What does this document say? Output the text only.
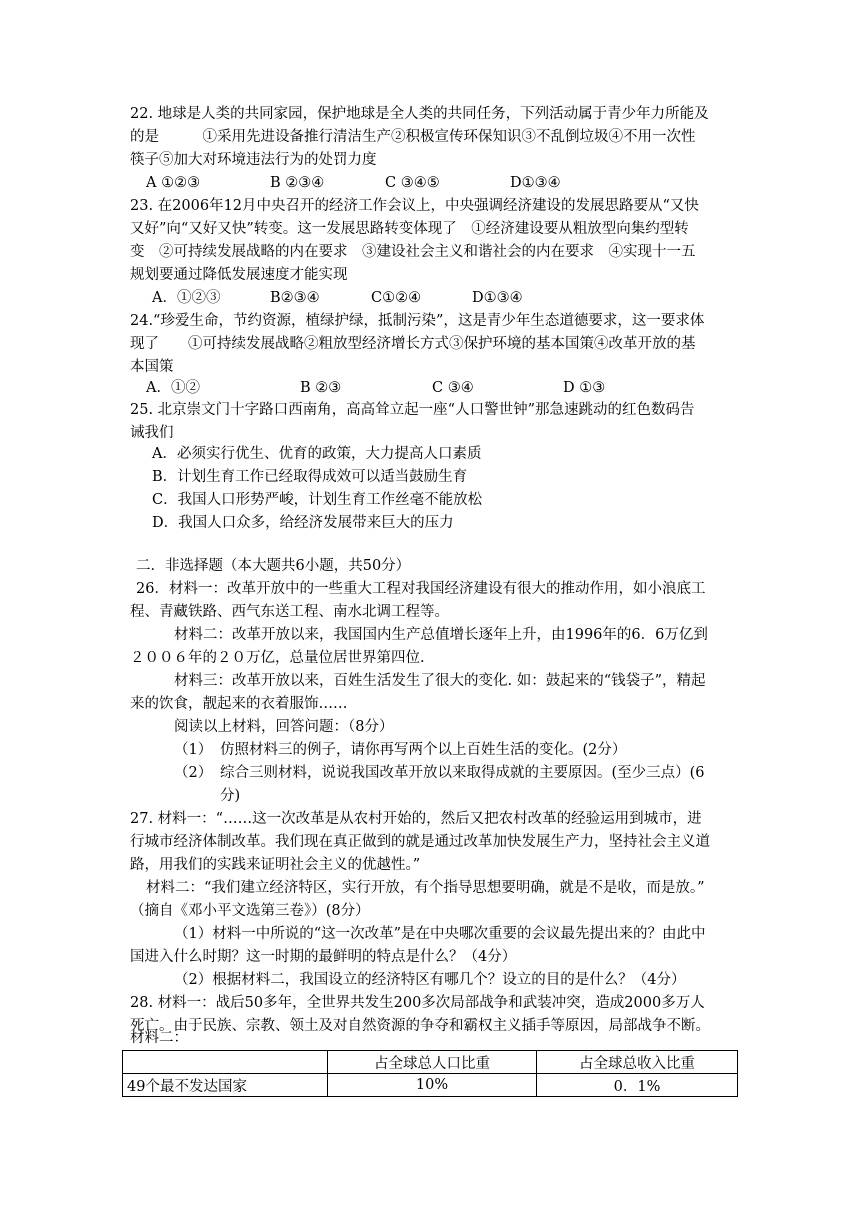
22. 地球是人类的共同家园，保护地球是全人类的共同任务，下列活动属于青少年力所能及
的是　　　①采用先进设备推行清洁生产②积极宣传环保知识③不乱倒垃圾④不用一次性
筷子⑤加大对环境违法行为的处罚力度
A ①②③	B ②③④	C ③④⑤	D①③④
23. 在2006年12月中央召开的经济工作会议上，中央强调经济建设的发展思路要从“又快
又好”向“又好又快”转变。这一发展思路转变体现了　①经济建设要从粗放型向集约型转
变　②可持续发展战略的内在要求　③建设社会主义和谐社会的内在要求　④实现十一五
规划要通过降低发展速度才能实现
A．①②③	B②③④	C①②④	D①③④
24.“珍爱生命，节约资源，植绿护绿，抵制污染”，这是青少年生态道德要求，这一要求体
现了　　①可持续发展战略②粗放型经济增长方式③保护环境的基本国策④改革开放的基
本国策
A．①②	B ②③	C ③④	D ①③
25. 北京崇文门十字路口西南角，高高耸立起一座“人口警世钟”那急速跳动的红色数码告
诫我们
A．必须实行优生、优育的政策，大力提高人口素质
B．计划生育工作已经取得成效可以适当鼓励生育
C．我国人口形势严峻，计划生育工作丝毫不能放松
D．我国人口众多，给经济发展带来巨大的压力
二．非选择题（本大题共6小题，共50分）
26．材料一：改革开放中的一些重大工程对我国经济建设有很大的推动作用，如小浪底工
程、青藏铁路、西气东送工程、南水北调工程等。
材料二：改革开放以来，我国国内生产总值增长逐年上升，由1996年的6．6万亿到
２００６年的２０万亿，总量位居世界第四位.
材料三：改革开放以来，百姓生活发生了很大的变化. 如：鼓起来的“钱袋子”，精起
来的饮食，靓起来的衣着服饰……
阅读以上材料，回答问题：（8分）
（1） 仿照材料三的例子，请你再写两个以上百姓生活的变化。(2分）
（2） 综合三则材料，说说我国改革开放以来取得成就的主要原因。(至少三点）(6
分)
27. 材料一：“……这一次改革是从农村开始的，然后又把农村改革的经验运用到城市，进
行城市经济体制改革。我们现在真正做到的就是通过改革加快发展生产力，坚持社会主义道
路，用我们的实践来证明社会主义的优越性。”
材料二：“我们建立经济特区，实行开放，有个指导思想要明确，就是不是收，而是放。”
（摘自《邓小平文选第三卷》）(8分）
（1）材料一中所说的“这一次改革”是在中央哪次重要的会议最先提出来的？由此中
国进入什么时期？这一时期的最鲜明的特点是什么？（4分）
（2）根据材料二，我国设立的经济特区有哪几个？设立的目的是什么？（4分）
28. 材料一：战后50多年，全世界共发生200多次局部战争和武装冲突，造成2000多万人
死亡。由于民族、宗教、领土及对自然资源的争夺和霸权主义插手等原因，局部战争不断。
材料二：
	占全球总人口比重	占全球总收入比重
49个最不发达国家	10%	0．1%
